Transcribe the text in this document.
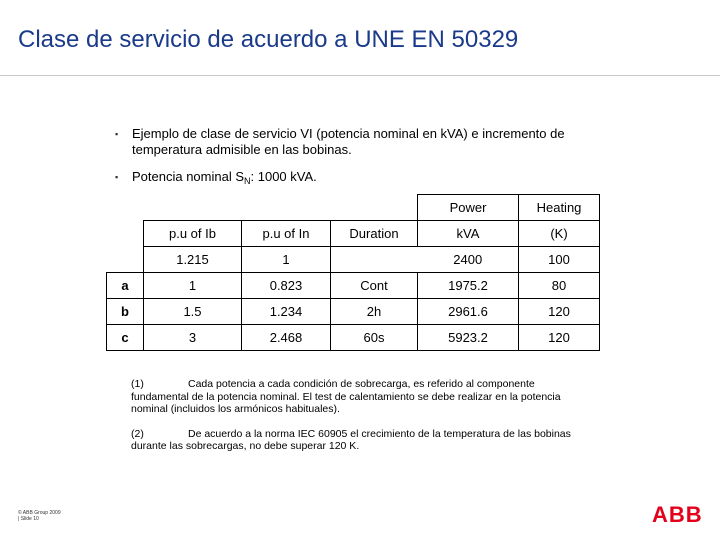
Clase de servicio de acuerdo a UNE EN 50329
▪ Ejemplo de clase de servicio VI (potencia nominal en kVA) e incremento de temperatura admisible en las bobinas.
▪ Potencia nominal $S_N$: 1000 kVA.
				Power	Heating
	p.u of Ib	p.u of In	Duration	kVA	(K)
	1.215	1		2400	100
a	1	0.823	Cont	1975.2	80
b	1.5	1.234	2h	2961.6	120
c	3	2.468	60s	5923.2	120
(1)	Cada potencia a cada condición de sobrecarga, es referido al componente fundamental de la potencia nominal. El test de calentamiento se debe realizar en la potencia nominal (incluidos los armónicos habituales).
(2)	De acuerdo a la norma IEC 60905 el crecimiento de la temperatura de las bobinas durante las sobrecargas, no debe superar 120 K.
© ABB Group 2009
| Slide 10	ABB
